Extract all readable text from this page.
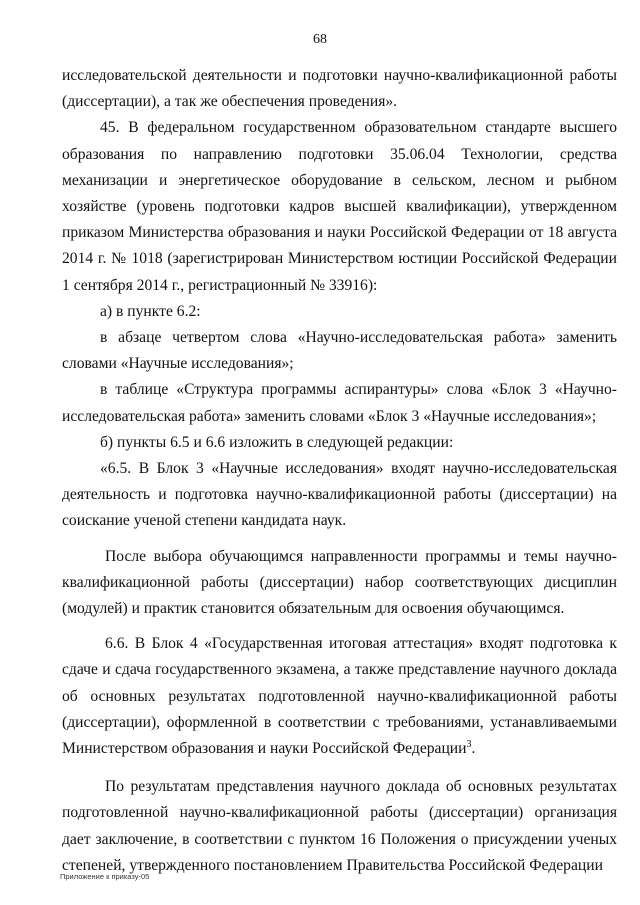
68

исследовательской деятельности и подготовки научно-квалификационной работы (диссертации), а так же обеспечения проведения».

45. В федеральном государственном образовательном стандарте высшего образования по направлению подготовки 35.06.04 Технологии, средства механизации и энергетическое оборудование в сельском, лесном и рыбном хозяйстве (уровень подготовки кадров высшей квалификации), утвержденном приказом Министерства образования и науки Российской Федерации от 18 августа 2014 г. № 1018 (зарегистрирован Министерством юстиции Российской Федерации 1 сентября 2014 г., регистрационный № 33916):

а) в пункте 6.2:

в абзаце четвертом слова «Научно-исследовательская работа» заменить словами «Научные исследования»;

в таблице «Структура программы аспирантуры» слова «Блок 3 «Научно-исследовательская работа» заменить словами «Блок 3 «Научные исследования»;

б) пункты 6.5 и 6.6 изложить в следующей редакции:

«6.5. В Блок 3 «Научные исследования» входят научно-исследовательская деятельность и подготовка научно-квалификационной работы (диссертации) на соискание ученой степени кандидата наук.

После выбора обучающимся направленности программы и темы научно-квалификационной работы (диссертации) набор соответствующих дисциплин (модулей) и практик становится обязательным для освоения обучающимся.

6.6. В Блок 4 «Государственная итоговая аттестация» входят подготовка к сдаче и сдача государственного экзамена, а также представление научного доклада об основных результатах подготовленной научно-квалификационной работы (диссертации), оформленной в соответствии с требованиями, устанавливаемыми Министерством образования и науки Российской Федерации$^3$.

По результатам представления научного доклада об основных результатах подготовленной научно-квалификационной работы (диссертации) организация дает заключение, в соответствии с пунктом 16 Положения о присуждении ученых степеней, утвержденного постановлением Правительства Российской Федерации

Приложение к приказу-05
